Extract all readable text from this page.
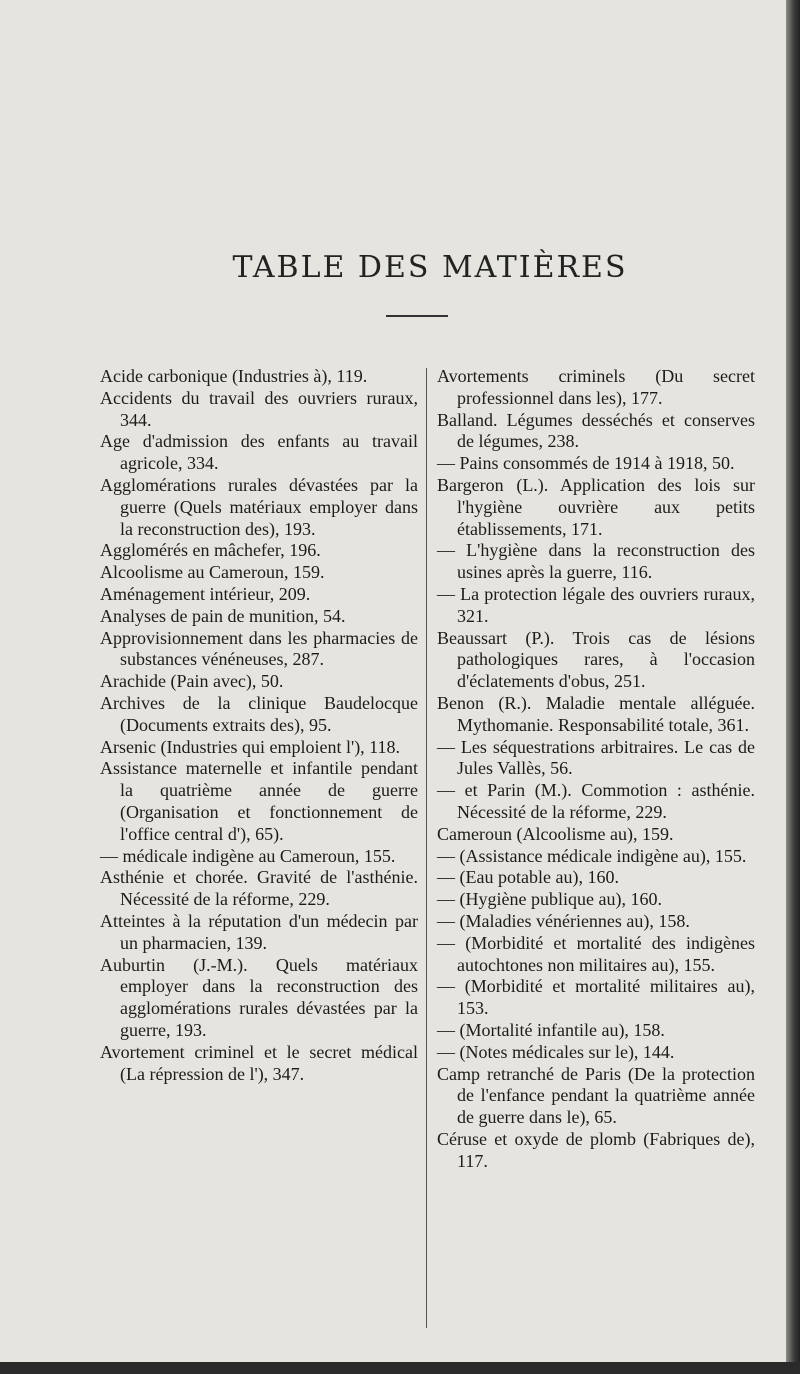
TABLE DES MATIÈRES

Acide carbonique (Industries à), 119.

Accidents du travail des ouvriers ruraux, 344.

Age d'admission des enfants au travail agricole, 334.

Agglomérations rurales dévastées par la guerre (Quels matériaux employer dans la reconstruction des), 193.

Agglomérés en mâchefer, 196.

Alcoolisme au Cameroun, 159.

Aménagement intérieur, 209.

Analyses de pain de munition, 54.

Approvisionnement dans les pharmacies de substances vénéneuses, 287.

Arachide (Pain avec), 50.

Archives de la clinique Baudelocque (Documents extraits des), 95.

Arsenic (Industries qui emploient l'), 118.

Assistance maternelle et infantile pendant la quatrième année de guerre (Organisation et fonctionnement de l'office central d'), 65).

— médicale indigène au Cameroun, 155.

Asthénie et chorée. Gravité de l'asthénie. Nécessité de la réforme, 229.

Atteintes à la réputation d'un médecin par un pharmacien, 139.

Auburtin (J.-M.). Quels matériaux employer dans la reconstruction des agglomérations rurales dévastées par la guerre, 193.

Avortement criminel et le secret médical (La répression de l'), 347.

Avortements criminels (Du secret professionnel dans les), 177.

Balland. Légumes desséchés et conserves de légumes, 238.

— Pains consommés de 1914 à 1918, 50.

Bargeron (L.). Application des lois sur l'hygiène ouvrière aux petits établissements, 171.

— L'hygiène dans la reconstruction des usines après la guerre, 116.

— La protection légale des ouvriers ruraux, 321.

Beaussart (P.). Trois cas de lésions pathologiques rares, à l'occasion d'éclatements d'obus, 251.

Benon (R.). Maladie mentale alléguée. Mythomanie. Responsabilité totale, 361.

— Les séquestrations arbitraires. Le cas de Jules Vallès, 56.

— et Parin (M.). Commotion : asthénie. Nécessité de la réforme, 229.

Cameroun (Alcoolisme au), 159.

— (Assistance médicale indigène au), 155.

— (Eau potable au), 160.

— (Hygiène publique au), 160.

— (Maladies vénériennes au), 158.

— (Morbidité et mortalité des indigènes autochtones non militaires au), 155.

— (Morbidité et mortalité militaires au), 153.

— (Mortalité infantile au), 158.

— (Notes médicales sur le), 144.

Camp retranché de Paris (De la protection de l'enfance pendant la quatrième année de guerre dans le), 65.

Céruse et oxyde de plomb (Fabriques de), 117.
